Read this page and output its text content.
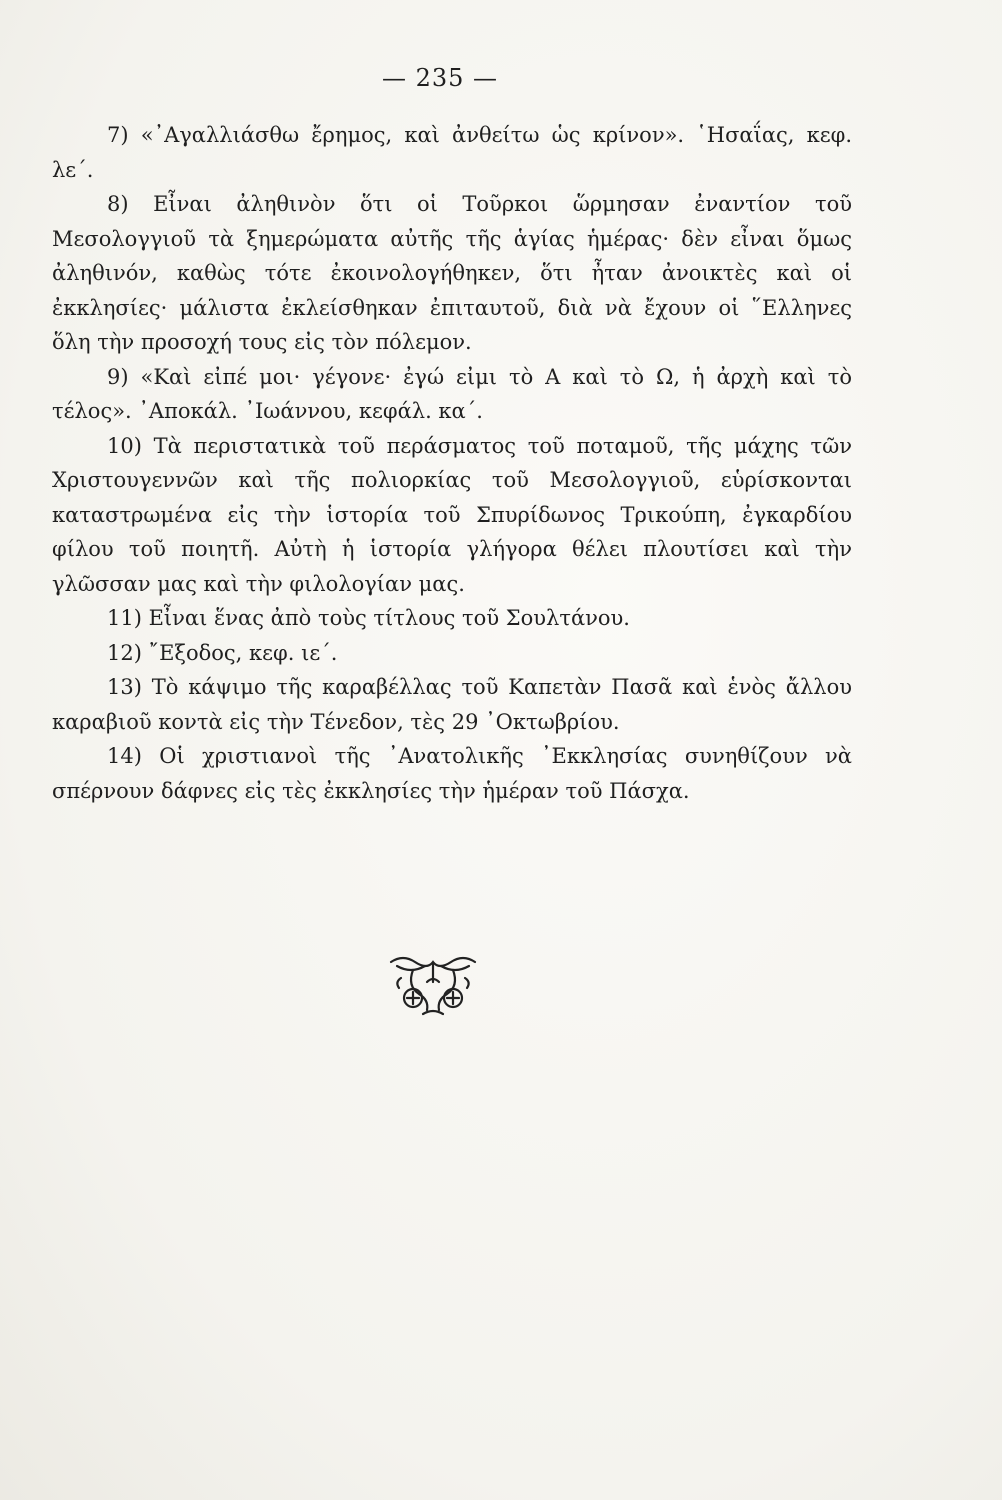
— 235 —

7) «᾿Αγαλλιάσθω ἔρημος, καὶ ἀνθείτω ὡς κρίνον». ῾Ησαΐας, κεφ. λε΄.

8) Εἶναι ἀληθινὸν ὅτι οἱ Τοῦρκοι ὥρμησαν ἐναντίον τοῦ Μεσολογγιοῦ τὰ ξημερώματα αὐτῆς τῆς ἁγίας ἡμέρας· δὲν εἶναι ὅμως ἀληθινόν, καθὼς τότε ἐκοινολογήθηκεν, ὅτι ἦταν ἀνοικτὲς καὶ οἱ ἐκκλησίες· μάλιστα ἐκλείσθηκαν ἐπιταυτοῦ, διὰ νὰ ἔχουν οἱ ῞Ελληνες ὅλη τὴν προσοχή τους εἰς τὸν πόλεμον.

9) «Καὶ εἰπέ μοι· γέγονε· ἐγώ εἰμι τὸ Α καὶ τὸ Ω, ἡ ἀρχὴ καὶ τὸ τέλος». ᾿Αποκάλ. ᾿Ιωάννου, κεφάλ. κα΄.

10) Τὰ περιστατικὰ τοῦ περάσματος τοῦ ποταμοῦ, τῆς μάχης τῶν Χριστουγεννῶν καὶ τῆς πολιορκίας τοῦ Μεσολογγιοῦ, εὑρίσκονται καταστρωμένα εἰς τὴν ἱστορία τοῦ Σπυρίδωνος Τρικούπη, ἐγκαρδίου φίλου τοῦ ποιητῆ. Αὐτὴ ἡ ἱστορία γλήγορα θέλει πλουτίσει καὶ τὴν γλῶσσαν μας καὶ τὴν φιλολογίαν μας.

11) Εἶναι ἕνας ἀπὸ τοὺς τίτλους τοῦ Σουλτάνου.

12) ῎Εξοδος, κεφ. ιε΄.

13) Τὸ κάψιμο τῆς καραβέλλας τοῦ Καπετὰν Πασᾶ καὶ ἑνὸς ἄλλου καραβιοῦ κοντὰ εἰς τὴν Τένεδον, τὲς 29 ᾿Οκτωβρίου.

14) Οἱ χριστιανοὶ τῆς ᾿Ανατολικῆς ᾿Εκκλησίας συνηθίζουν νὰ σπέρνουν δάφνες εἰς τὲς ἐκκλησίες τὴν ἡμέραν τοῦ Πάσχα.
